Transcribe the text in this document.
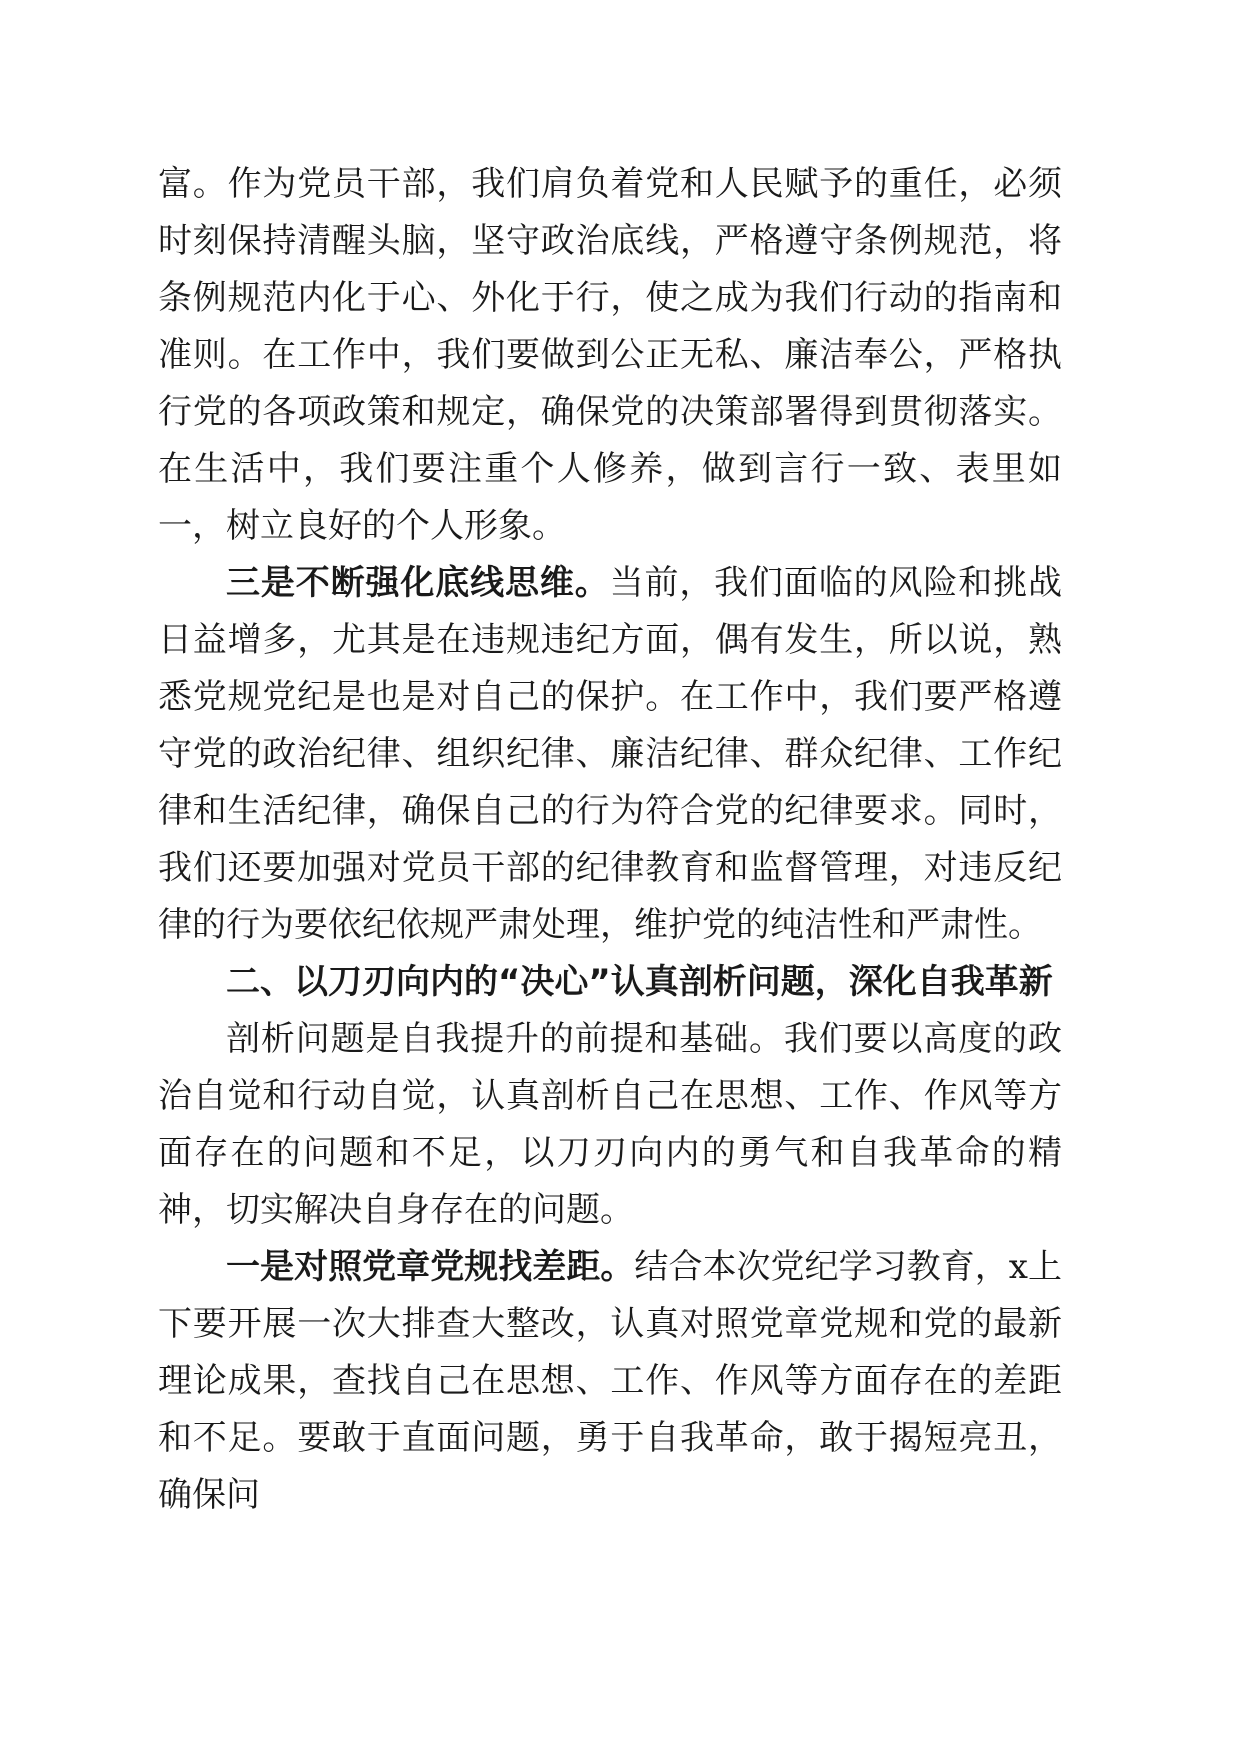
富。作为党员干部，我们肩负着党和人民赋予的重任，必须时刻保持清醒头脑，坚守政治底线，严格遵守条例规范，将条例规范内化于心、外化于行，使之成为我们行动的指南和准则。在工作中，我们要做到公正无私、廉洁奉公，严格执行党的各项政策和规定，确保党的决策部署得到贯彻落实。在生活中，我们要注重个人修养，做到言行一致、表里如一，树立良好的个人形象。

三是不断强化底线思维。当前，我们面临的风险和挑战日益增多，尤其是在违规违纪方面，偶有发生，所以说，熟悉党规党纪是也是对自己的保护。在工作中，我们要严格遵守党的政治纪律、组织纪律、廉洁纪律、群众纪律、工作纪律和生活纪律，确保自己的行为符合党的纪律要求。同时，我们还要加强对党员干部的纪律教育和监督管理，对违反纪律的行为要依纪依规严肃处理，维护党的纯洁性和严肃性。

二、以刀刃向内的“决心”认真剖析问题，深化自我革新

剖析问题是自我提升的前提和基础。我们要以高度的政治自觉和行动自觉，认真剖析自己在思想、工作、作风等方面存在的问题和不足，以刀刃向内的勇气和自我革命的精神，切实解决自身存在的问题。

一是对照党章党规找差距。结合本次党纪学习教育，x上下要开展一次大排查大整改，认真对照党章党规和党的最新理论成果，查找自己在思想、工作、作风等方面存在的差距和不足。要敢于直面问题，勇于自我革命，敢于揭短亮丑，确保问
